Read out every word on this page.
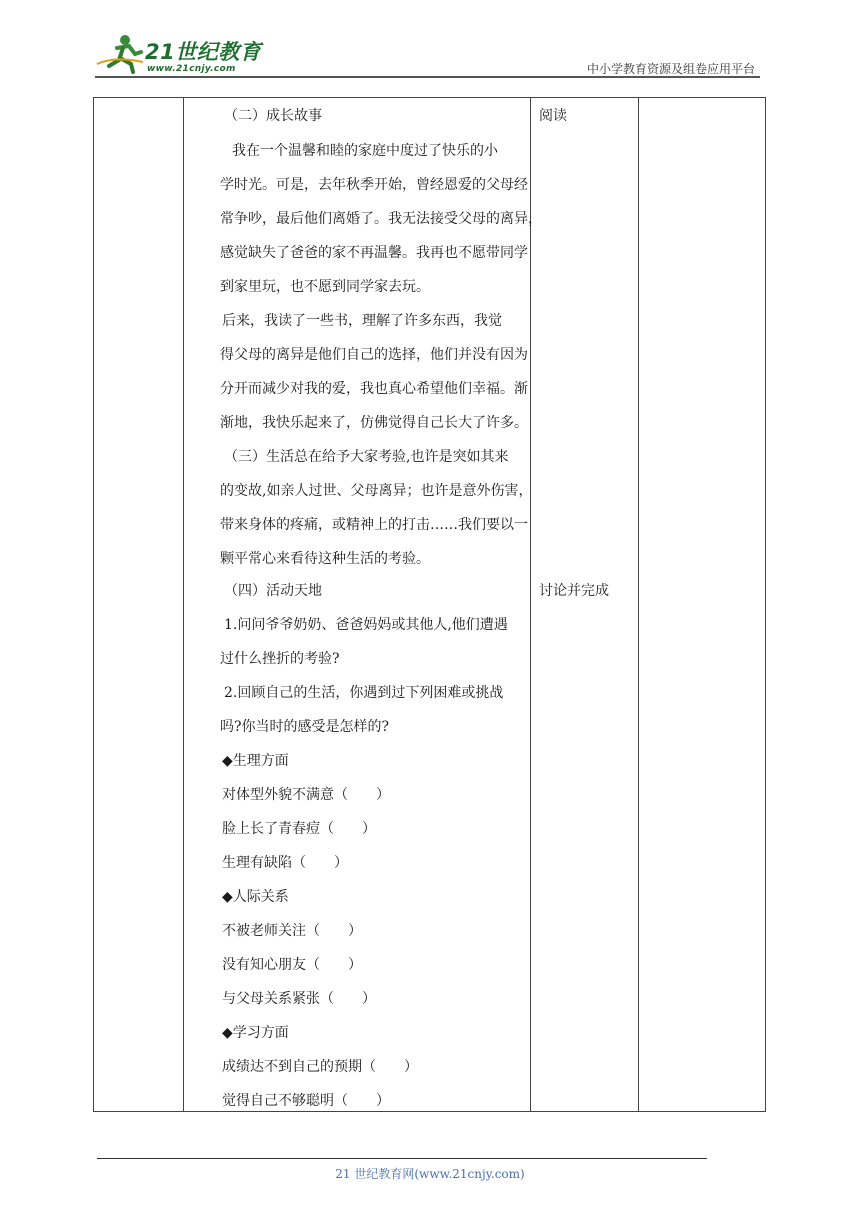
21世纪教育
www.21cnjy.com	中小学教育资源及组卷应用平台
（二）成长故事
我在一个温馨和睦的家庭中度过了快乐的小
学时光。可是，去年秋季开始，曾经恩爱的父母经
常争吵，最后他们离婚了。我无法接受父母的离异，
感觉缺失了爸爸的家不再温馨。我再也不愿带同学
到家里玩，也不愿到同学家去玩。
后来，我读了一些书，理解了许多东西，我觉
得父母的离异是他们自己的选择，他们并没有因为
分开而减少对我的爱，我也真心希望他们幸福。渐
渐地，我快乐起来了，仿佛觉得自己长大了许多。
（三）生活总在给予大家考验,也许是突如其来
的变故,如亲人过世、父母离异；也许是意外伤害，
带来身体的疼痛，或精神上的打击……我们要以一
颗平常心来看待这种生活的考验。
（四）活动天地
1.问问爷爷奶奶、爸爸妈妈或其他人,他们遭遇
过什么挫折的考验?
2.回顾自己的生活，你遇到过下列困难或挑战
吗?你当时的感受是怎样的?
◆生理方面
对体型外貌不满意（　　）
脸上长了青春痘（　　）
生理有缺陷（　　）
◆人际关系
不被老师关注（　　）
没有知心朋友（　　）
与父母关系紧张（　　）
◆学习方面
成绩达不到自己的预期（　　）
觉得自己不够聪明（　　）
阅读
讨论并完成
21 世纪教育网(www.21cnjy.com)
